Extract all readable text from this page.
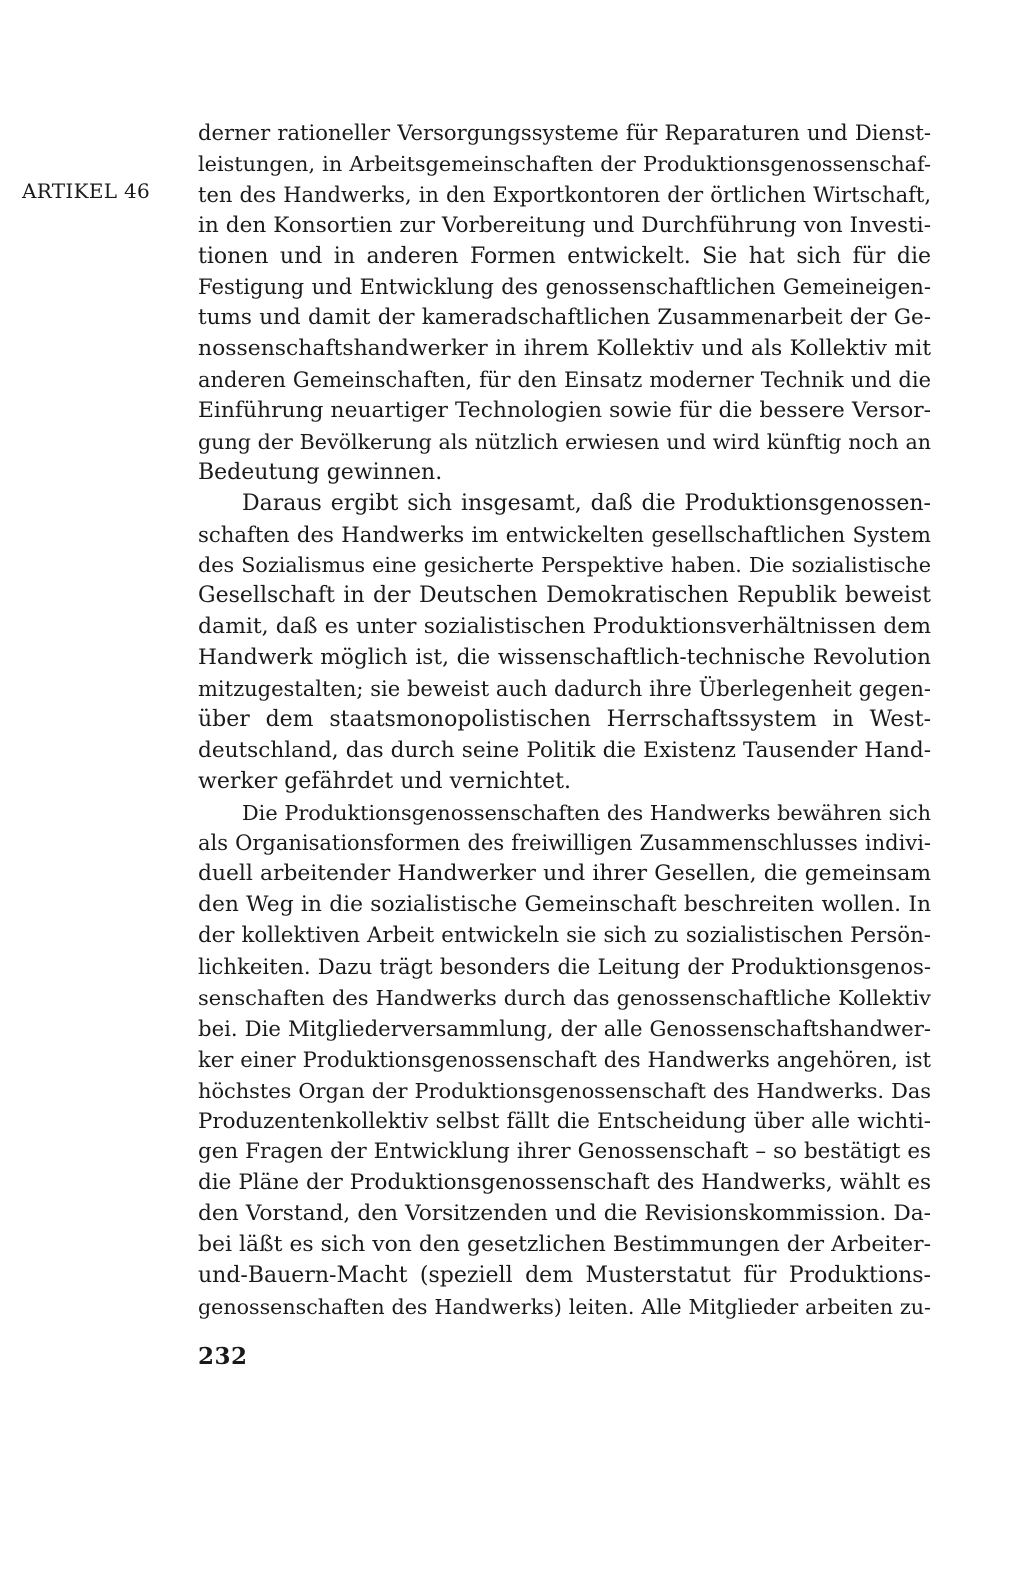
ARTIKEL 46
derner rationeller Versorgungssysteme für Reparaturen und Dienst-
leistungen, in Arbeitsgemeinschaften der Produktionsgenossenschaf-
ten des Handwerks, in den Exportkontoren der örtlichen Wirtschaft,
in den Konsortien zur Vorbereitung und Durchführung von Investi-
tionen und in anderen Formen entwickelt. Sie hat sich für die
Festigung und Entwicklung des genossenschaftlichen Gemeineigen-
tums und damit der kameradschaftlichen Zusammenarbeit der Ge-
nossenschaftshandwerker in ihrem Kollektiv und als Kollektiv mit
anderen Gemeinschaften, für den Einsatz moderner Technik und die
Einführung neuartiger Technologien sowie für die bessere Versor-
gung der Bevölkerung als nützlich erwiesen und wird künftig noch an
Bedeutung gewinnen.
Daraus ergibt sich insgesamt, daß die Produktionsgenossen-
schaften des Handwerks im entwickelten gesellschaftlichen System
des Sozialismus eine gesicherte Perspektive haben. Die sozialistische
Gesellschaft in der Deutschen Demokratischen Republik beweist
damit, daß es unter sozialistischen Produktionsverhältnissen dem
Handwerk möglich ist, die wissenschaftlich-technische Revolution
mitzugestalten; sie beweist auch dadurch ihre Überlegenheit gegen-
über dem staatsmonopolistischen Herrschaftssystem in West-
deutschland, das durch seine Politik die Existenz Tausender Hand-
werker gefährdet und vernichtet.
Die Produktionsgenossenschaften des Handwerks bewähren sich
als Organisationsformen des freiwilligen Zusammenschlusses indivi-
duell arbeitender Handwerker und ihrer Gesellen, die gemeinsam
den Weg in die sozialistische Gemeinschaft beschreiten wollen. In
der kollektiven Arbeit entwickeln sie sich zu sozialistischen Persön-
lichkeiten. Dazu trägt besonders die Leitung der Produktionsgenos-
senschaften des Handwerks durch das genossenschaftliche Kollektiv
bei. Die Mitgliederversammlung, der alle Genossenschaftshandwer-
ker einer Produktionsgenossenschaft des Handwerks angehören, ist
höchstes Organ der Produktionsgenossenschaft des Handwerks. Das
Produzentenkollektiv selbst fällt die Entscheidung über alle wichti-
gen Fragen der Entwicklung ihrer Genossenschaft – so bestätigt es
die Pläne der Produktionsgenossenschaft des Handwerks, wählt es
den Vorstand, den Vorsitzenden und die Revisionskommission. Da-
bei läßt es sich von den gesetzlichen Bestimmungen der Arbeiter-
und-Bauern-Macht (speziell dem Musterstatut für Produktions-
genossenschaften des Handwerks) leiten. Alle Mitglieder arbeiten zu-
232
